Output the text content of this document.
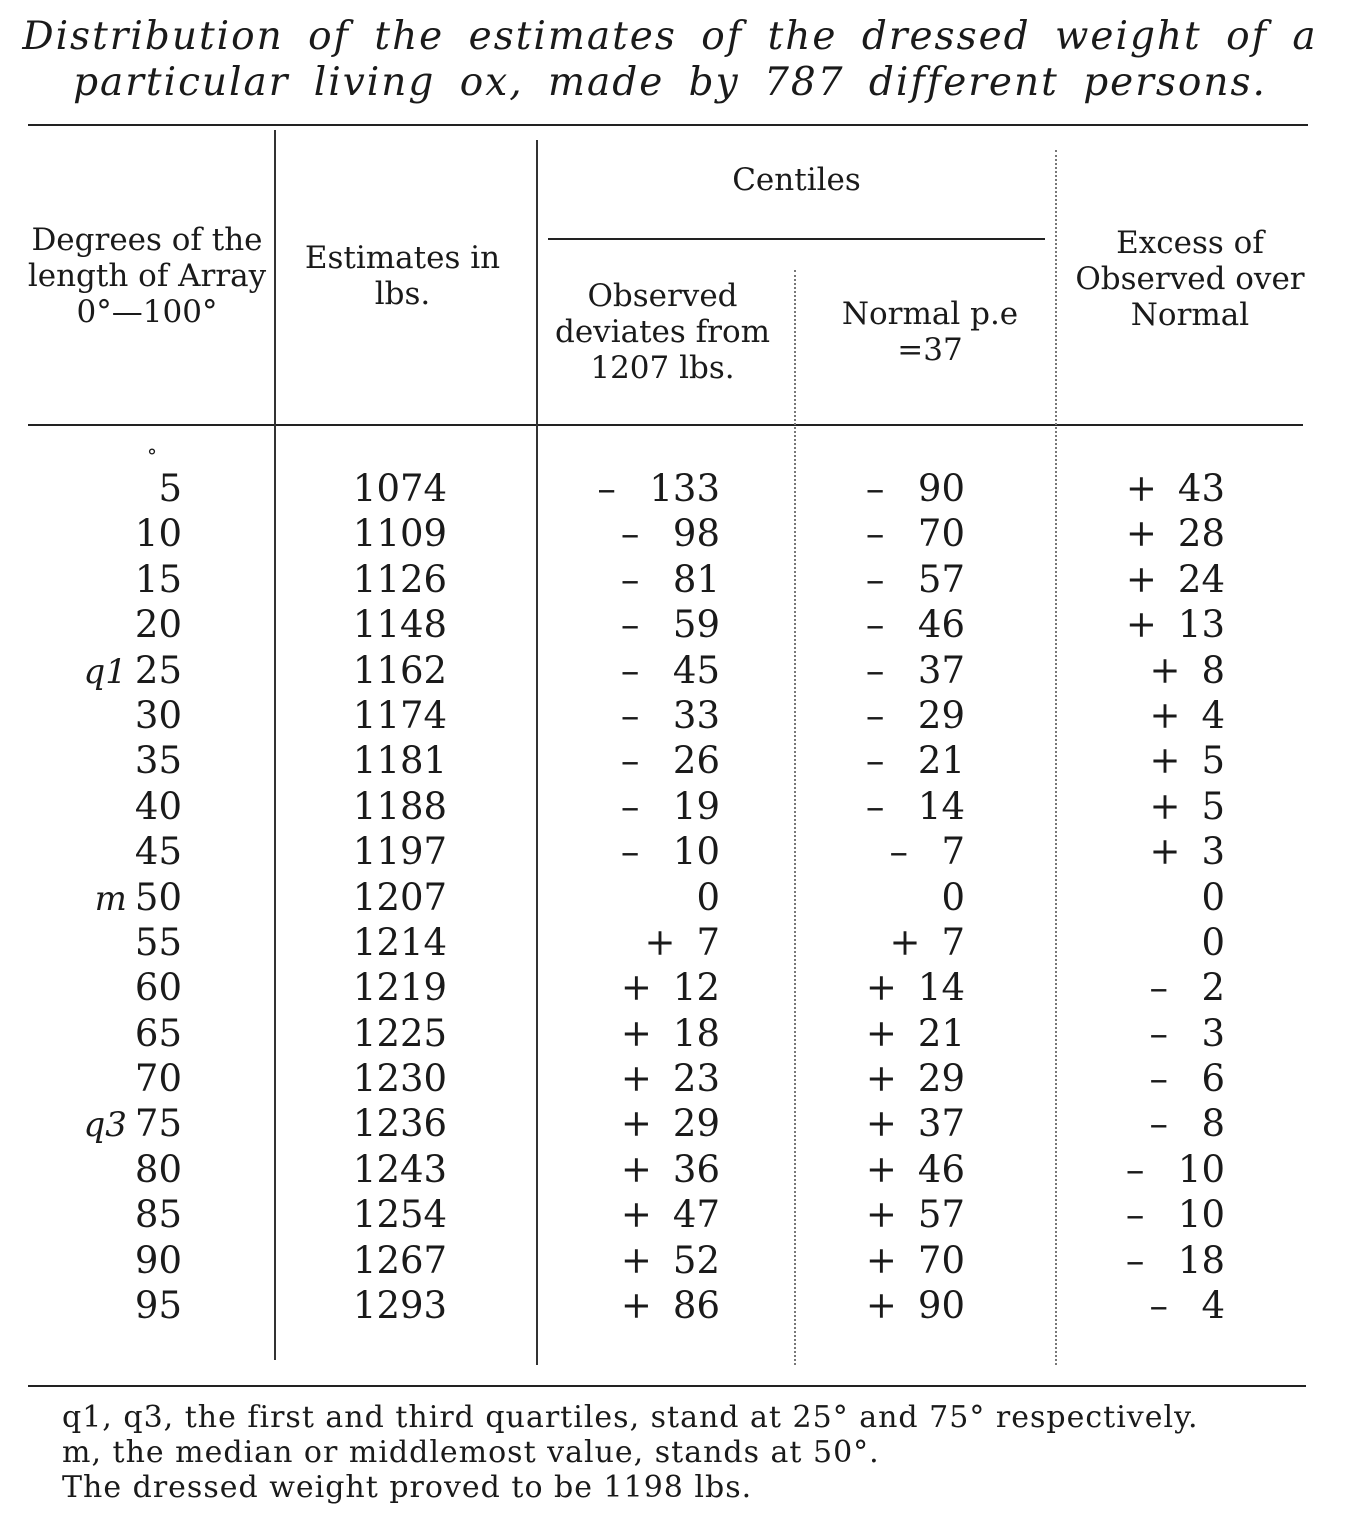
Distribution of the estimates of the dressed weight of a particular living ox, made by 787 different persons.
Degrees of the length of Array 0°—100°
Estimates in lbs.
Centiles
Observed deviates from 1207 lbs.
Normal p.e =37
Excess of Observed over Normal
°
5
10
15
20
q1 25
30
35
40
45
m 50
55
60
65
70
q3 75
80
85
90
95
1074
1109
1126
1148
1162
1174
1181
1188
1197
1207
1214
1219
1225
1230
1236
1243
1254
1267
1293
– 133
– 98
– 81
– 59
– 45
– 33
– 26
– 19
– 10
0
+ 7
+ 12
+ 18
+ 23
+ 29
+ 36
+ 47
+ 52
+ 86
– 90
– 70
– 57
– 46
– 37
– 29
– 21
– 14
– 7
0
+ 7
+ 14
+ 21
+ 29
+ 37
+ 46
+ 57
+ 70
+ 90
+ 43
+ 28
+ 24
+ 13
+ 8
+ 4
+ 5
+ 5
+ 3
0
0
– 2
– 3
– 6
– 8
– 10
– 10
– 18
– 4
q1, q3, the first and third quartiles, stand at 25° and 75° respectively.
m, the median or middlemost value, stands at 50°.
The dressed weight proved to be 1198 lbs.
